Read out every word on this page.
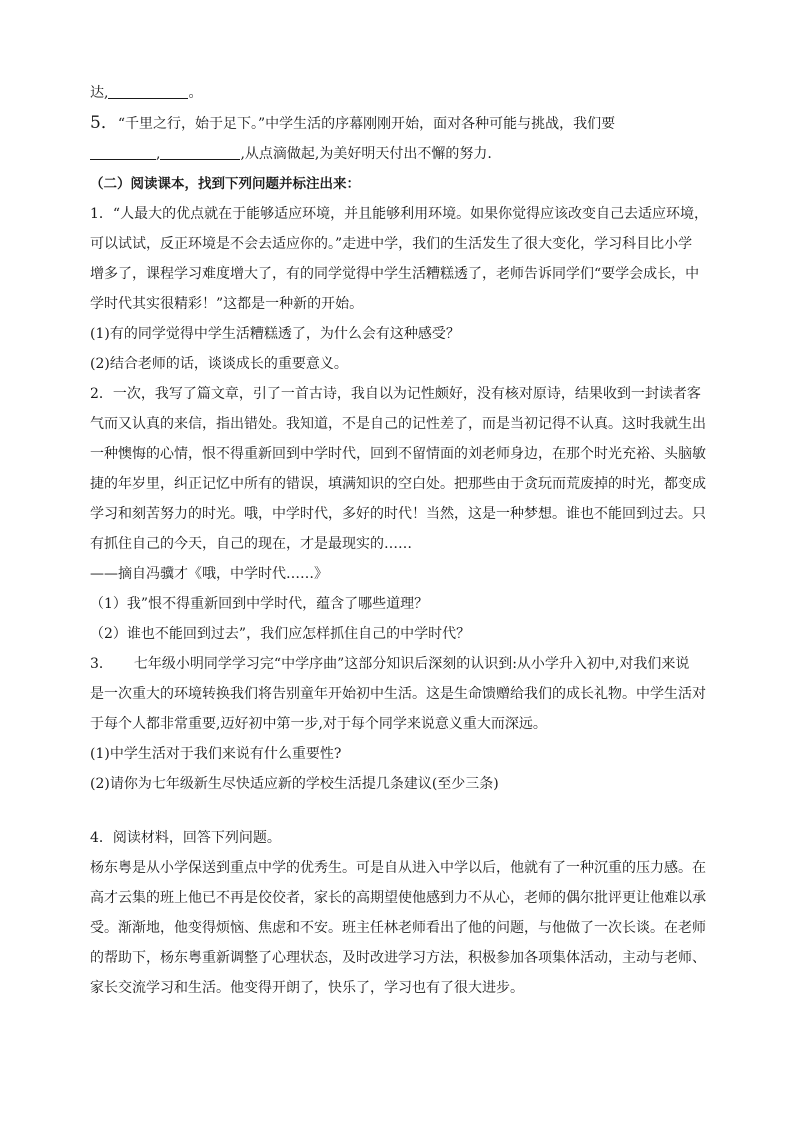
达,	。

5．“千里之行，始于足下。”中学生活的序幕刚刚开始，面对各种可能与挑战，我们要

,	,从点滴做起,为美好明天付出不懈的努力.

（二）阅读课本，找到下列问题并标注出来：

1．“人最大的优点就在于能够适应环境，并且能够利用环境。如果你觉得应该改变自己去适应环境，

可以试试，反正环境是不会去适应你的。”走进中学，我们的生活发生了很大变化，学习科目比小学

增多了，课程学习难度增大了，有的同学觉得中学生活糟糕透了，老师告诉同学们“要学会成长，中

学时代其实很精彩！”这都是一种新的开始。

(1)有的同学觉得中学生活糟糕透了，为什么会有这种感受？

(2)结合老师的话，谈谈成长的重要意义。

2．一次，我写了篇文章，引了一首古诗，我自以为记性颇好，没有核对原诗，结果收到一封读者客

气而又认真的来信，指出错处。我知道，不是自己的记性差了，而是当初记得不认真。这时我就生出

一种懊悔的心情，恨不得重新回到中学时代，回到不留情面的刘老师身边，在那个时光充裕、头脑敏

捷的年岁里，纠正记忆中所有的错误，填满知识的空白处。把那些由于贪玩而荒废掉的时光，都变成

学习和刻苦努力的时光。哦，中学时代，多好的时代！当然，这是一种梦想。谁也不能回到过去。只

有抓住自己的今天，自己的现在，才是最现实的……

——摘自冯骥才《哦，中学时代……》

（1）我”恨不得重新回到中学时代，蕴含了哪些道理？

（2）谁也不能回到过去”，我们应怎样抓住自己的中学时代？

3．　　七年级小明同学学习完“中学序曲”这部分知识后深刻的认识到:从小学升入初中,对我们来说

是一次重大的环境转换我们将告别童年开始初中生活。这是生命馈赠给我们的成长礼物。中学生活对

于每个人都非常重要,迈好初中第一步,对于每个同学来说意义重大而深远。

(1)中学生活对于我们来说有什么重要性?

(2)请你为七年级新生尽快适应新的学校生活提几条建议(至少三条)

4．阅读材料，回答下列问题。

杨东粤是从小学保送到重点中学的优秀生。可是自从进入中学以后，他就有了一种沉重的压力感。在

高才云集的班上他已不再是佼佼者，家长的高期望使他感到力不从心，老师的偶尔批评更让他难以承

受。渐渐地，他变得烦恼、焦虑和不安。班主任林老师看出了他的问题，与他做了一次长谈。在老师

的帮助下，杨东粤重新调整了心理状态，及时改进学习方法，积极参加各项集体活动，主动与老师、

家长交流学习和生活。他变得开朗了，快乐了，学习也有了很大进步。
